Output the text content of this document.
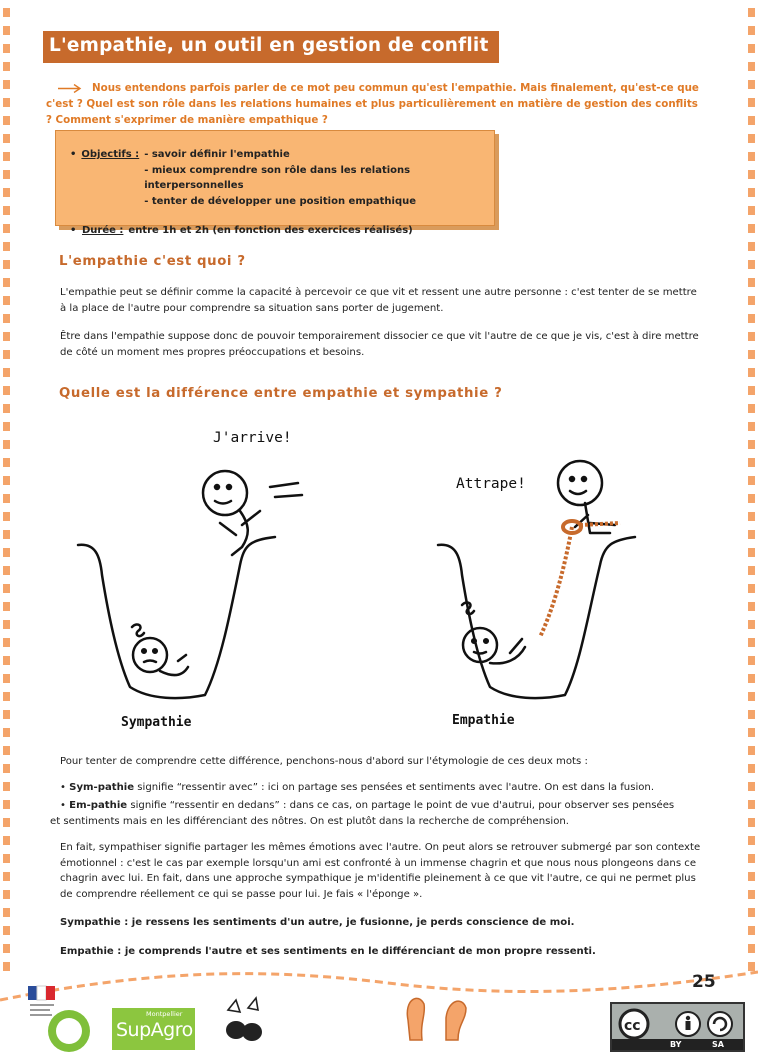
L'empathie, un outil en gestion de conflit
Nous entendons parfois parler de ce mot peu commun qu'est l'empathie. Mais finalement, qu'est-ce que c'est ? Quel est son rôle dans les relations humaines et plus particulièrement en matière de gestion des conflits ? Comment s'exprimer de manière empathique ?
• Objectifs : - savoir définir l'empathie
- mieux comprendre son rôle dans les relations interpersonnelles
- tenter de développer une position empathique
• Durée : entre 1h et 2h (en fonction des exercices réalisés)
L'empathie c'est quoi ?

L'empathie peut se définir comme la capacité à percevoir ce que vit et ressent une autre personne : c'est tenter de se mettre à la place de l'autre pour comprendre sa situation sans porter de jugement.

Être dans l'empathie suppose donc de pouvoir temporairement dissocier ce que vit l'autre de ce que je vis, c'est à dire mettre de côté un moment mes propres préoccupations et besoins.

Quelle est la différence entre empathie et sympathie ?
J'arrive!
Attrape!
Sympathie	Empathie

Pour tenter de comprendre cette différence, penchons-nous d'abord sur l'étymologie de ces deux mots :

• Sym-pathie signifie “ressentir avec” : ici on partage ses pensées et sentiments avec l'autre. On est dans la fusion.

• Em-pathie signifie “ressentir en dedans” : dans ce cas, on partage le point de vue d'autrui, pour observer ses pensées
et sentiments mais en les différenciant des nôtres. On est plutôt dans la recherche de compréhension.

En fait, sympathiser signifie partager les mêmes émotions avec l'autre. On peut alors se retrouver submergé par son contexte émotionnel : c'est le cas par exemple lorsqu'un ami est confronté à un immense chagrin et que nous nous plongeons dans ce chagrin avec lui. En fait, dans une approche sympathique je m'identifie pleinement à ce que vit l'autre, ce qui ne permet plus de comprendre réellement ce qui se passe pour lui. Je fais « l'éponge ».

Sympathie : je ressens les sentiments d'un autre, je fusionne, je perds conscience de moi.

Empathie : je comprends l'autre et ses sentiments en le différenciant de mon propre ressenti.

25
Montpellier
SupAgro	cc
BY	SA
